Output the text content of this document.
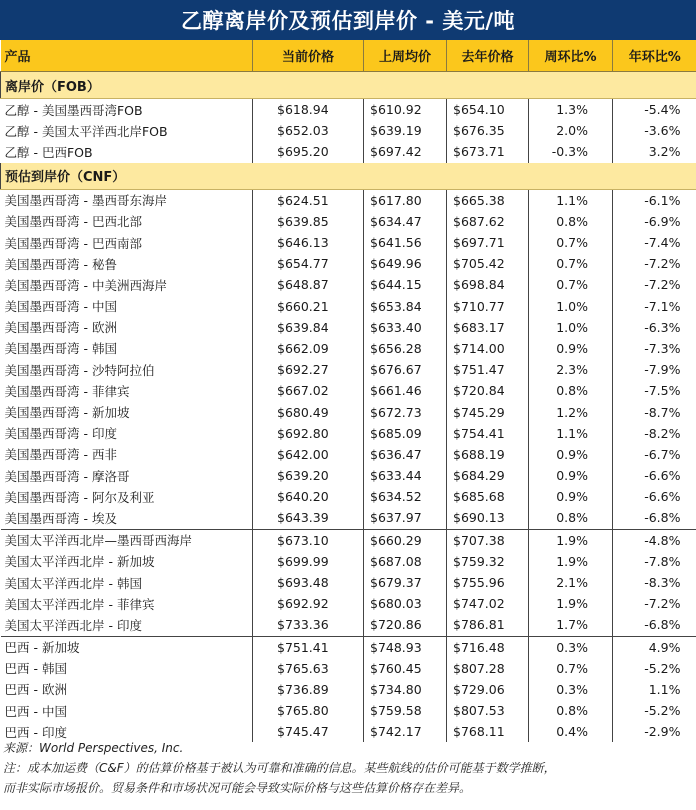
乙醇离岸价及预估到岸价 - 美元/吨
产品	当前价格	上周均价	去年价格	周环比%	年环比%
离岸价（FOB）					
乙醇 - 美国墨西哥湾FOB	$618.94	$610.92	$654.10	1.3%	-5.4%
乙醇 - 美国太平洋西北岸FOB	$652.03	$639.19	$676.35	2.0%	-3.6%
乙醇 - 巴西FOB	$695.20	$697.42	$673.71	-0.3%	3.2%
预估到岸价（CNF）					
美国墨西哥湾 - 墨西哥东海岸	$624.51	$617.80	$665.38	1.1%	-6.1%
美国墨西哥湾 - 巴西北部	$639.85	$634.47	$687.62	0.8%	-6.9%
美国墨西哥湾 - 巴西南部	$646.13	$641.56	$697.71	0.7%	-7.4%
美国墨西哥湾 - 秘鲁	$654.77	$649.96	$705.42	0.7%	-7.2%
美国墨西哥湾 - 中美洲西海岸	$648.87	$644.15	$698.84	0.7%	-7.2%
美国墨西哥湾 - 中国	$660.21	$653.84	$710.77	1.0%	-7.1%
美国墨西哥湾 - 欧洲	$639.84	$633.40	$683.17	1.0%	-6.3%
美国墨西哥湾 - 韩国	$662.09	$656.28	$714.00	0.9%	-7.3%
美国墨西哥湾 - 沙特阿拉伯	$692.27	$676.67	$751.47	2.3%	-7.9%
美国墨西哥湾 - 菲律宾	$667.02	$661.46	$720.84	0.8%	-7.5%
美国墨西哥湾 - 新加坡	$680.49	$672.73	$745.29	1.2%	-8.7%
美国墨西哥湾 - 印度	$692.80	$685.09	$754.41	1.1%	-8.2%
美国墨西哥湾 - 西非	$642.00	$636.47	$688.19	0.9%	-6.7%
美国墨西哥湾 - 摩洛哥	$639.20	$633.44	$684.29	0.9%	-6.6%
美国墨西哥湾 - 阿尔及利亚	$640.20	$634.52	$685.68	0.9%	-6.6%
美国墨西哥湾 - 埃及	$643.39	$637.97	$690.13	0.8%	-6.8%
美国太平洋西北岸—墨西哥西海岸	$673.10	$660.29	$707.38	1.9%	-4.8%
美国太平洋西北岸 - 新加坡	$699.99	$687.08	$759.32	1.9%	-7.8%
美国太平洋西北岸 - 韩国	$693.48	$679.37	$755.96	2.1%	-8.3%
美国太平洋西北岸 - 菲律宾	$692.92	$680.03	$747.02	1.9%	-7.2%
美国太平洋西北岸 - 印度	$733.36	$720.86	$786.81	1.7%	-6.8%
巴西 - 新加坡	$751.41	$748.93	$716.48	0.3%	4.9%
巴西 - 韩国	$765.63	$760.45	$807.28	0.7%	-5.2%
巴西 - 欧洲	$736.89	$734.80	$729.06	0.3%	1.1%
巴西 - 中国	$765.80	$759.58	$807.53	0.8%	-5.2%
巴西 - 印度	$745.47	$742.17	$768.11	0.4%	-2.9%
来源：World Perspectives, Inc.
注：成本加运费（C&F）的估算价格基于被认为可靠和准确的信息。某些航线的估价可能基于数学推断，
而非实际市场报价。贸易条件和市场状况可能会导致实际价格与这些估算价格存在差异。
